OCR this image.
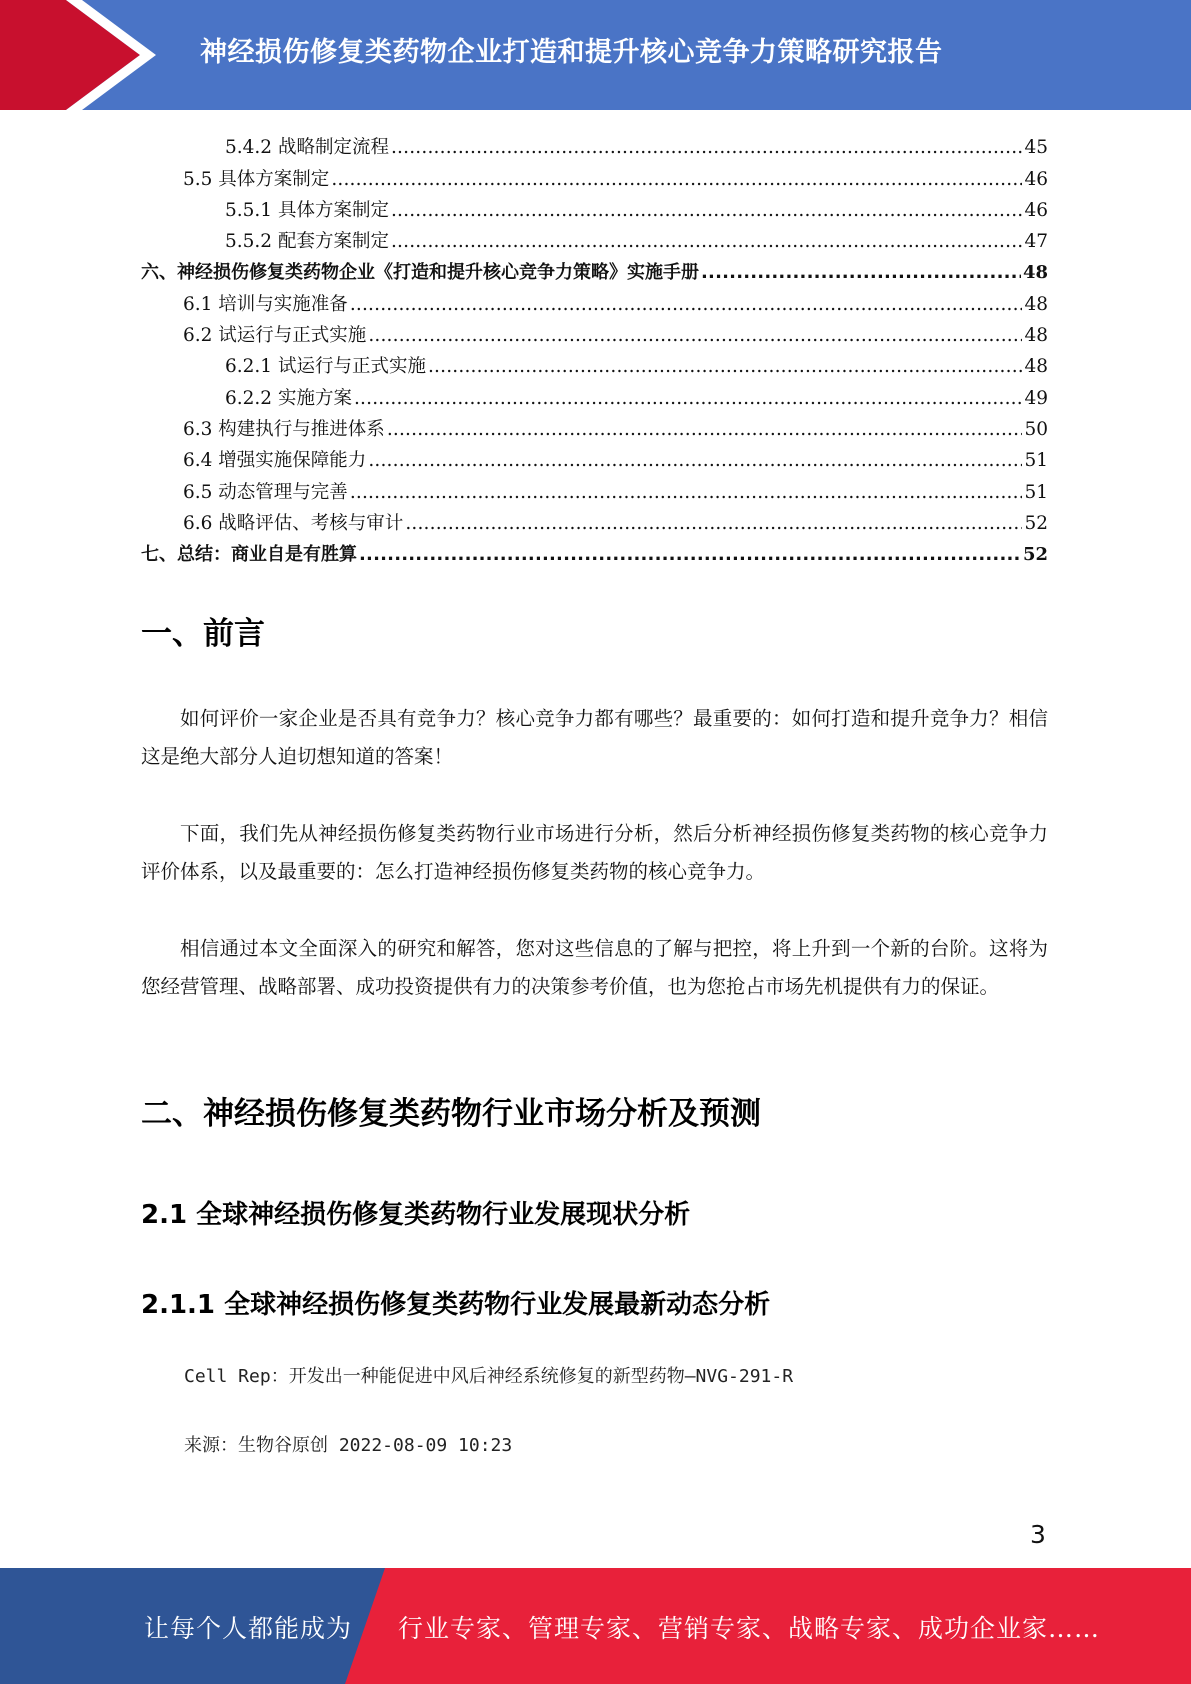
神经损伤修复类药物企业打造和提升核心竞争力策略研究报告
5.4.2 战略制定流程 .....	45
5.5 具体方案制定 .....	46
5.5.1 具体方案制定 .....	46
5.5.2 配套方案制定 .....	47
六、神经损伤修复类药物企业《打造和提升核心竞争力策略》实施手册 .....	48
6.1 培训与实施准备 .....	48
6.2 试运行与正式实施 .....	48
6.2.1 试运行与正式实施 .....	48
6.2.2 实施方案 .....	49
6.3 构建执行与推进体系 .....	50
6.4 增强实施保障能力 .....	51
6.5 动态管理与完善 .....	51
6.6 战略评估、考核与审计 .....	52
七、总结：商业自是有胜算 .....	52
一、前言
如何评价一家企业是否具有竞争力？核心竞争力都有哪些？最重要的：如何打造和提升竞争力？相信这是绝大部分人迫切想知道的答案！
下面，我们先从神经损伤修复类药物行业市场进行分析，然后分析神经损伤修复类药物的核心竞争力评价体系，以及最重要的：怎么打造神经损伤修复类药物的核心竞争力。
相信通过本文全面深入的研究和解答，您对这些信息的了解与把控，将上升到一个新的台阶。这将为您经营管理、战略部署、成功投资提供有力的决策参考价值，也为您抢占市场先机提供有力的保证。
二、神经损伤修复类药物行业市场分析及预测
2.1 全球神经损伤修复类药物行业发展现状分析
2.1.1 全球神经损伤修复类药物行业发展最新动态分析
Cell Rep：开发出一种能促进中风后神经系统修复的新型药物—NVG-291-R
来源：生物谷原创 2022-08-09 10:23
3
让每个人都能成为 行业专家、管理专家、营销专家、战略专家、成功企业家……
